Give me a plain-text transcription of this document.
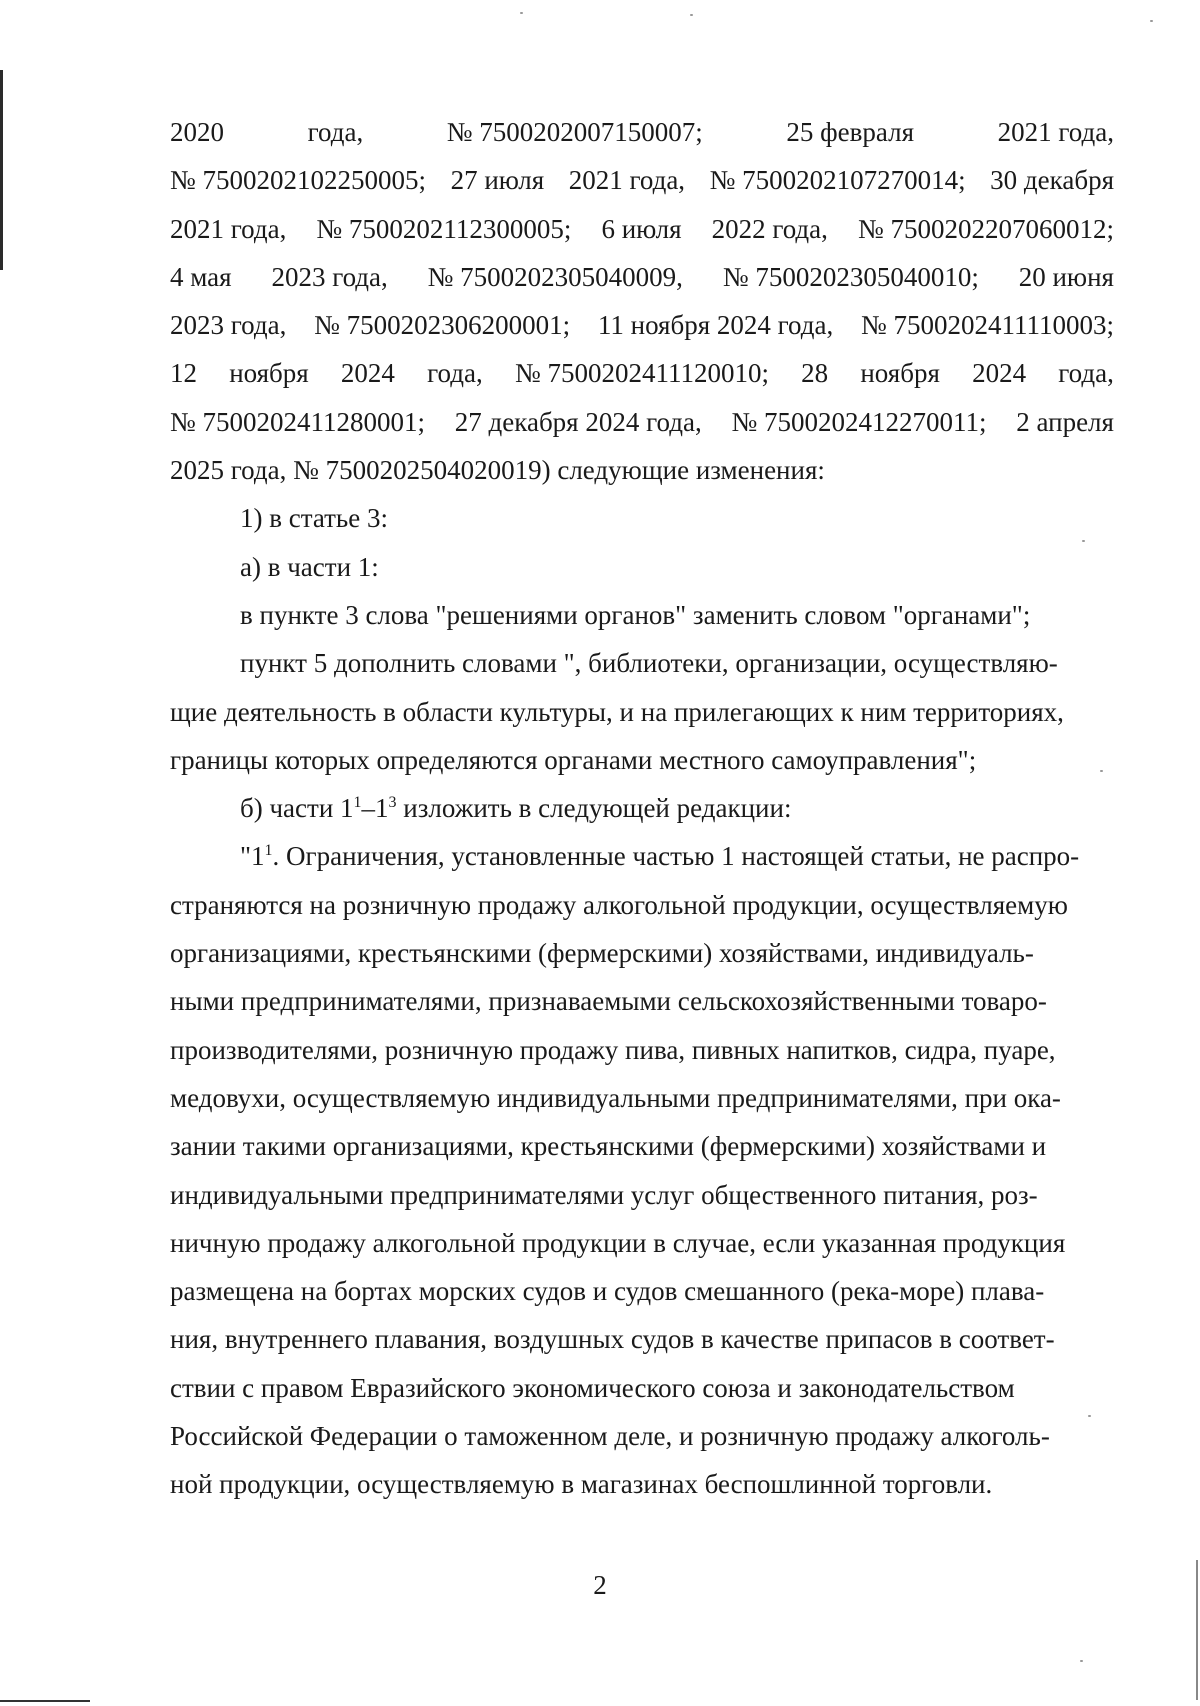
2020	года,	№ 7500202007150007;	25 февраля	2021 года,
№ 7500202102250005; 27 июля 2021 года, № 7500202107270014; 30 декабря
2021 года, № 7500202112300005; 6 июля 2022 года, № 7500202207060012;
4 мая 2023 года, № 7500202305040009, № 7500202305040010; 20 июня
2023 года, № 7500202306200001; 11 ноября 2024 года, № 7500202411110003;
12 ноября 2024 года, № 7500202411120010; 28 ноября 2024 года,
№ 7500202411280001; 27 декабря 2024 года, № 7500202412270011; 2 апреля
2025 года, № 7500202504020019) следующие изменения:
1) в статье 3:
а) в части 1:
в пункте 3 слова "решениями органов" заменить словом "органами";
пункт 5 дополнить словами ", библиотеки, организации, осуществляю-
щие деятельность в области культуры, и на прилегающих к ним территориях,
границы которых определяются органами местного самоуправления";
б) части $1^1-1^3$ изложить в следующей редакции:
"$1^1$. Ограничения, установленные частью 1 настоящей статьи, не распро-
страняются на розничную продажу алкогольной продукции, осуществляемую
организациями, крестьянскими (фермерскими) хозяйствами, индивидуаль-
ными предпринимателями, признаваемыми сельскохозяйственными товаро-
производителями, розничную продажу пива, пивных напитков, сидра, пуаре,
медовухи, осуществляемую индивидуальными предпринимателями, при ока-
зании такими организациями, крестьянскими (фермерскими) хозяйствами и
индивидуальными предпринимателями услуг общественного питания, роз-
ничную продажу алкогольной продукции в случае, если указанная продукция
размещена на бортах морских судов и судов смешанного (река-море) плава-
ния, внутреннего плавания, воздушных судов в качестве припасов в соответ-
ствии с правом Евразийского экономического союза и законодательством
Российской Федерации о таможенном деле, и розничную продажу алкоголь-
ной продукции, осуществляемую в магазинах беспошлинной торговли.
2
